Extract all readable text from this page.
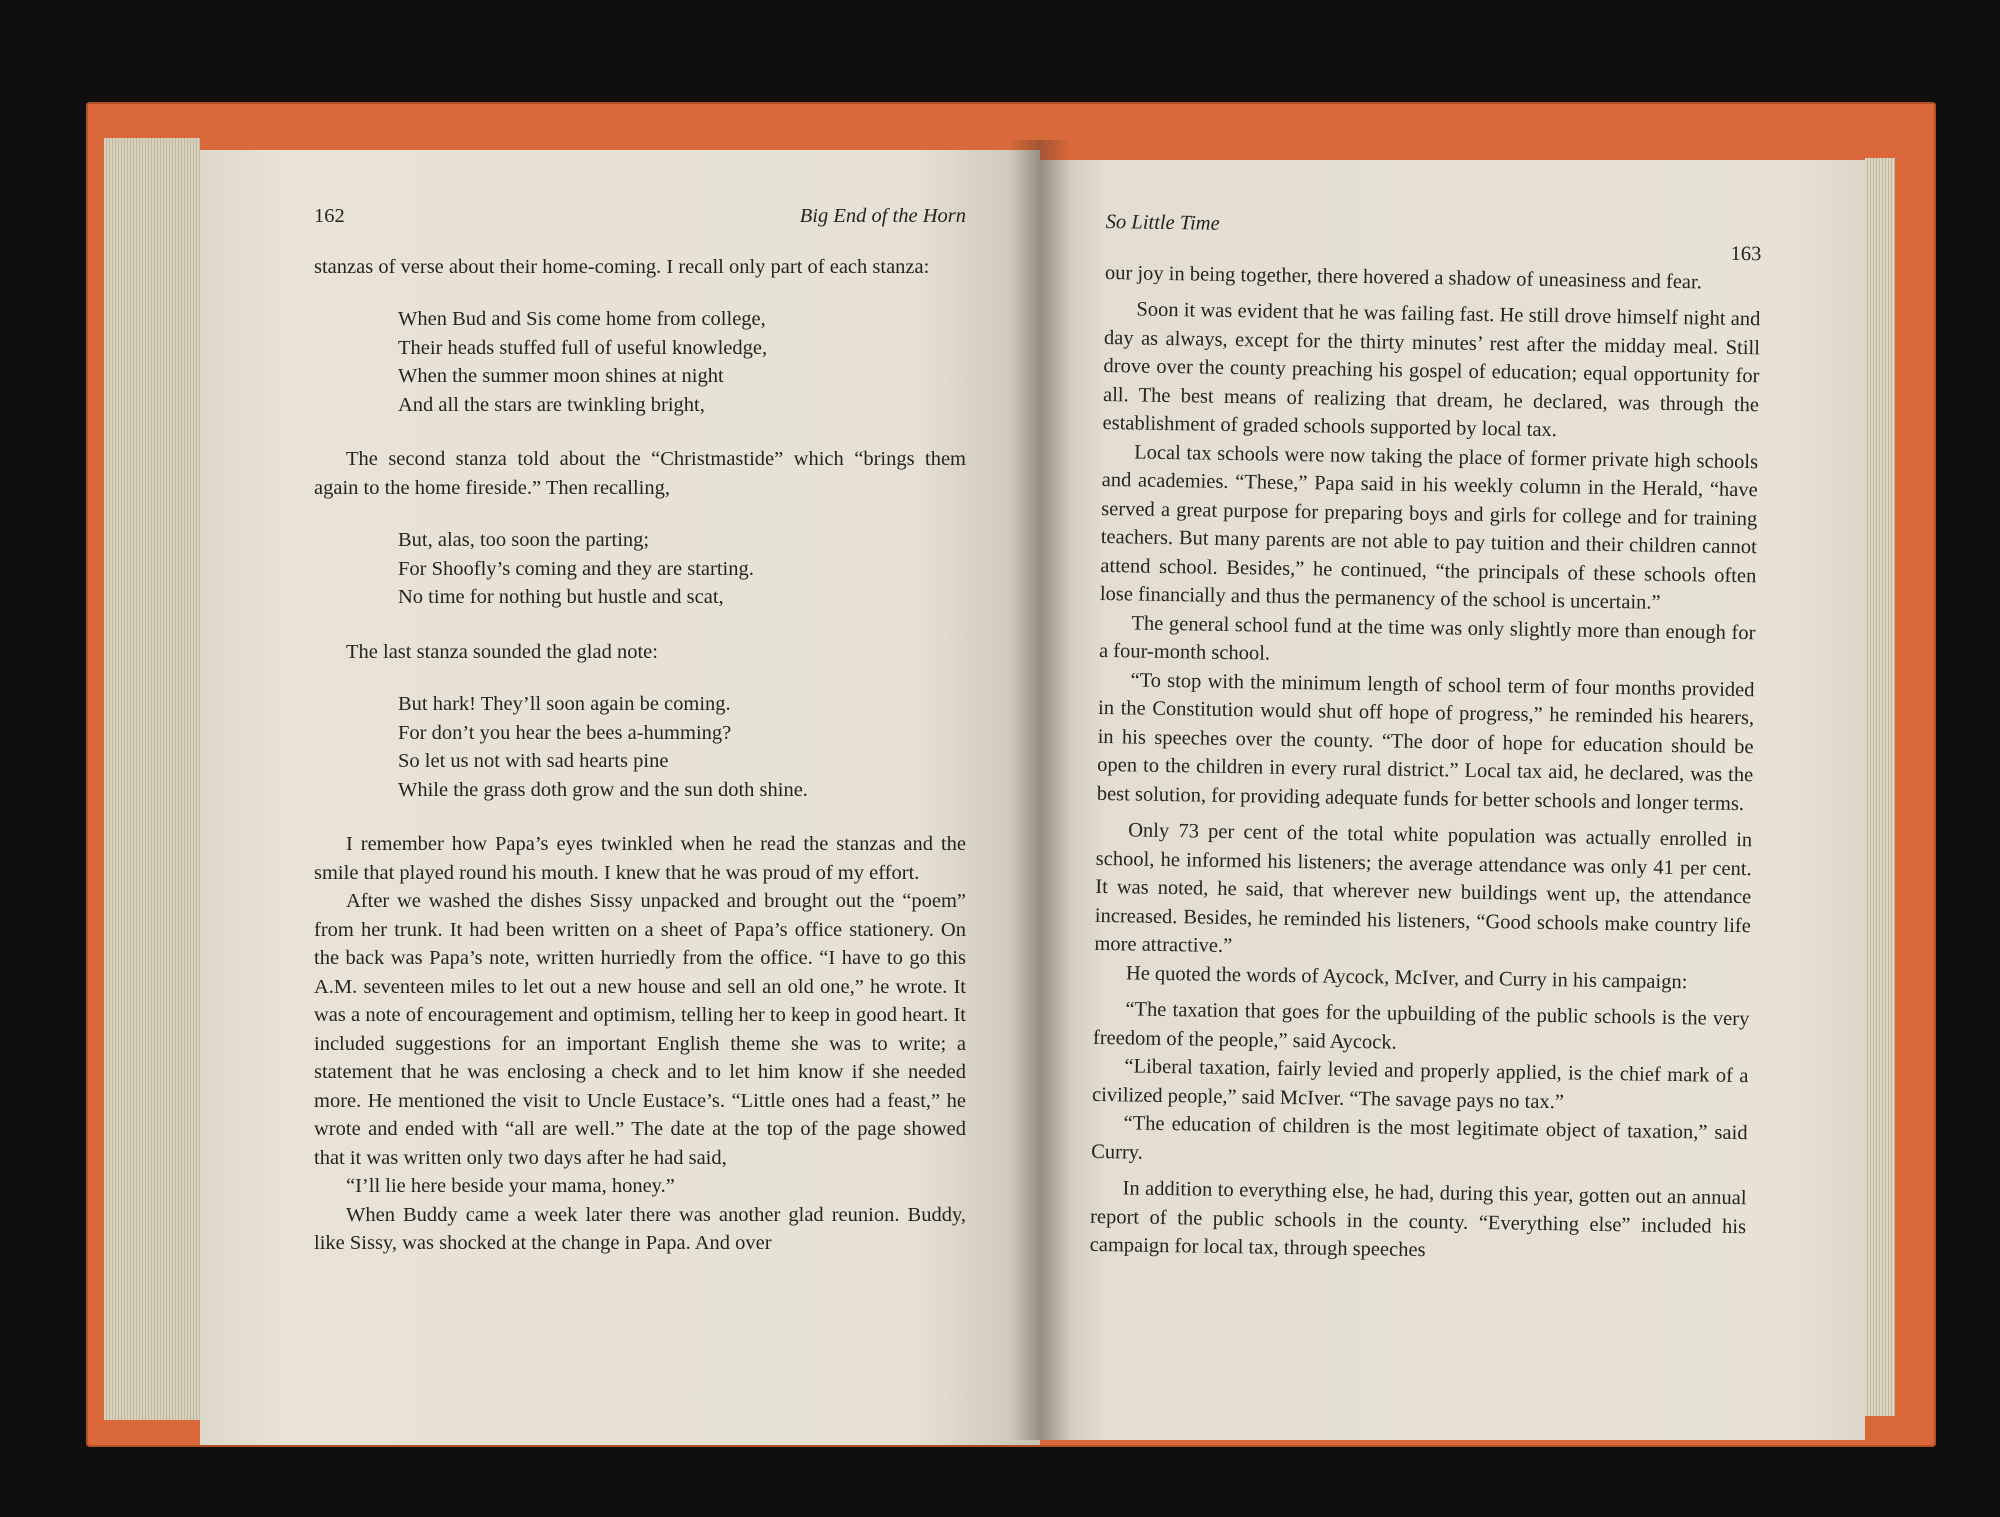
162	Big End of the Horn

stanzas of verse about their home-coming. I recall only part of each stanza:

When Bud and Sis come home from college,
Their heads stuffed full of useful knowledge,
When the summer moon shines at night
And all the stars are twinkling bright,

The second stanza told about the “Christmastide” which “brings them again to the home fireside.” Then recalling,

But, alas, too soon the parting;
For Shoofly’s coming and they are starting.
No time for nothing but hustle and scat,

The last stanza sounded the glad note:

But hark! They’ll soon again be coming.
For don’t you hear the bees a-humming?
So let us not with sad hearts pine
While the grass doth grow and the sun doth shine.

I remember how Papa’s eyes twinkled when he read the stanzas and the smile that played round his mouth. I knew that he was proud of my effort.

After we washed the dishes Sissy unpacked and brought out the “poem” from her trunk. It had been written on a sheet of Papa’s office stationery. On the back was Papa’s note, written hurriedly from the office. “I have to go this A.M. seventeen miles to let out a new house and sell an old one,” he wrote. It was a note of encouragement and optimism, telling her to keep in good heart. It included suggestions for an important English theme she was to write; a statement that he was enclosing a check and to let him know if she needed more. He mentioned the visit to Uncle Eustace’s. “Little ones had a feast,” he wrote and ended with “all are well.” The date at the top of the page showed that it was written only two days after he had said,

“I’ll lie here beside your mama, honey.”

When Buddy came a week later there was another glad reunion. Buddy, like Sissy, was shocked at the change in Papa. And over

So Little Time
163

our joy in being together, there hovered a shadow of uneasiness and fear.

Soon it was evident that he was failing fast. He still drove himself night and day as always, except for the thirty minutes’ rest after the midday meal. Still drove over the county preaching his gospel of education; equal opportunity for all. The best means of realizing that dream, he declared, was through the establishment of graded schools supported by local tax.

Local tax schools were now taking the place of former private high schools and academies. “These,” Papa said in his weekly column in the Herald, “have served a great purpose for preparing boys and girls for college and for training teachers. But many parents are not able to pay tuition and their children cannot attend school. Besides,” he continued, “the principals of these schools often lose financially and thus the permanency of the school is uncertain.”

The general school fund at the time was only slightly more than enough for a four-month school.

“To stop with the minimum length of school term of four months provided in the Constitution would shut off hope of progress,” he reminded his hearers, in his speeches over the county. “The door of hope for education should be open to the children in every rural district.” Local tax aid, he declared, was the best solution, for providing adequate funds for better schools and longer terms.

Only 73 per cent of the total white population was actually enrolled in school, he informed his listeners; the average attendance was only 41 per cent. It was noted, he said, that wherever new buildings went up, the attendance increased. Besides, he reminded his listeners, “Good schools make country life more attractive.”

He quoted the words of Aycock, McIver, and Curry in his campaign:

“The taxation that goes for the upbuilding of the public schools is the very freedom of the people,” said Aycock.

“Liberal taxation, fairly levied and properly applied, is the chief mark of a civilized people,” said McIver. “The savage pays no tax.”

“The education of children is the most legitimate object of taxation,” said Curry.

In addition to everything else, he had, during this year, gotten out an annual report of the public schools in the county. “Everything else” included his campaign for local tax, through speeches
